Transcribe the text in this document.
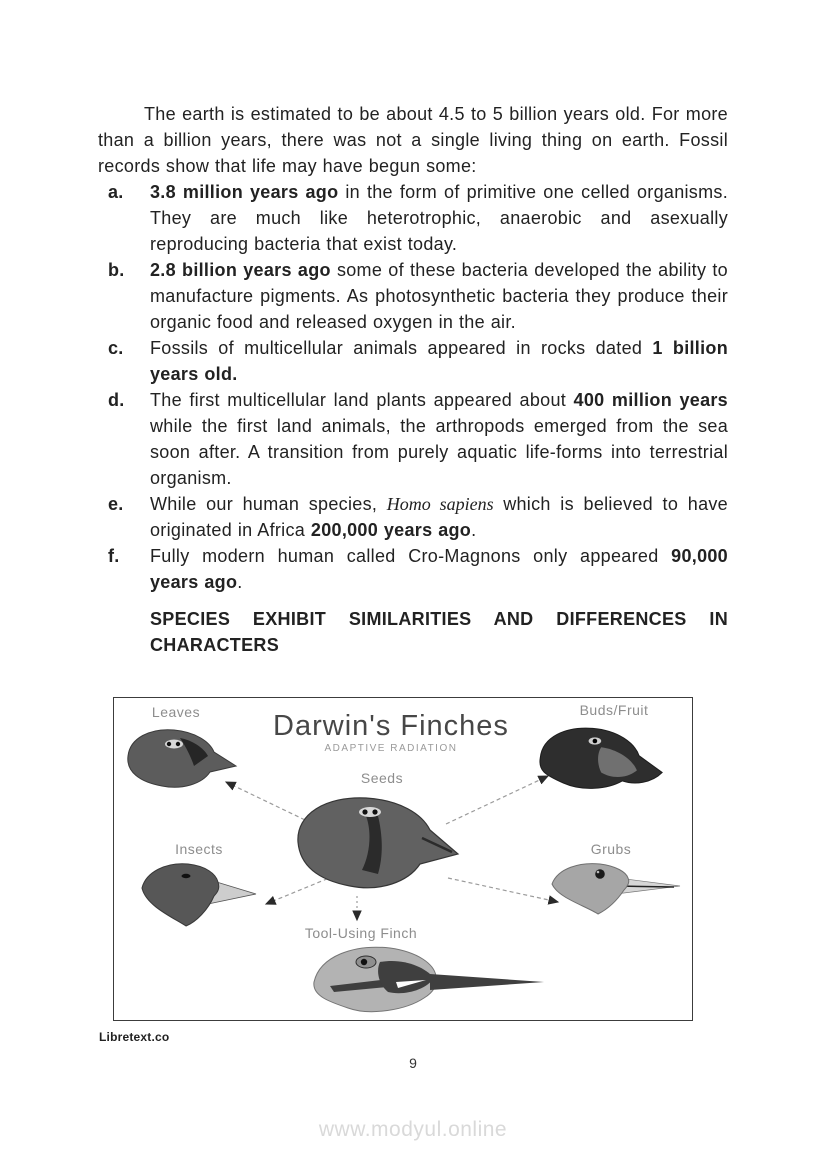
The earth is estimated to be about 4.5 to 5 billion years old. For more than a billion years, there was not a single living thing on earth. Fossil records show that life may have begun some:

a.	3.8 million years ago in the form of primitive one celled organisms. They are much like heterotrophic, anaerobic and asexually reproducing bacteria that exist today.
b.	2.8 billion years ago some of these bacteria developed the ability to manufacture pigments. As photosynthetic bacteria they produce their organic food and released oxygen in the air.
c.	Fossils of multicellular animals appeared in rocks dated 1 billion years old.
d.	The first multicellular land plants appeared about 400 million years while the first land animals, the arthropods emerged from the sea soon after. A transition from purely aquatic life-forms into terrestrial organism.
e.	While our human species, Homo sapiens which is believed to have originated in Africa 200,000 years ago.
f.	Fully modern human called Cro-Magnons only appeared 90,000 years ago.
SPECIES EXHIBIT SIMILARITIES AND DIFFERENCES IN
CHARACTERS
Darwin's Finches
ADAPTIVE RADIATION
Leaves	Buds/Fruit
Seeds
Insects	Grubs
Tool-Using Finch
Libretext.co
9
www.modyul.online
